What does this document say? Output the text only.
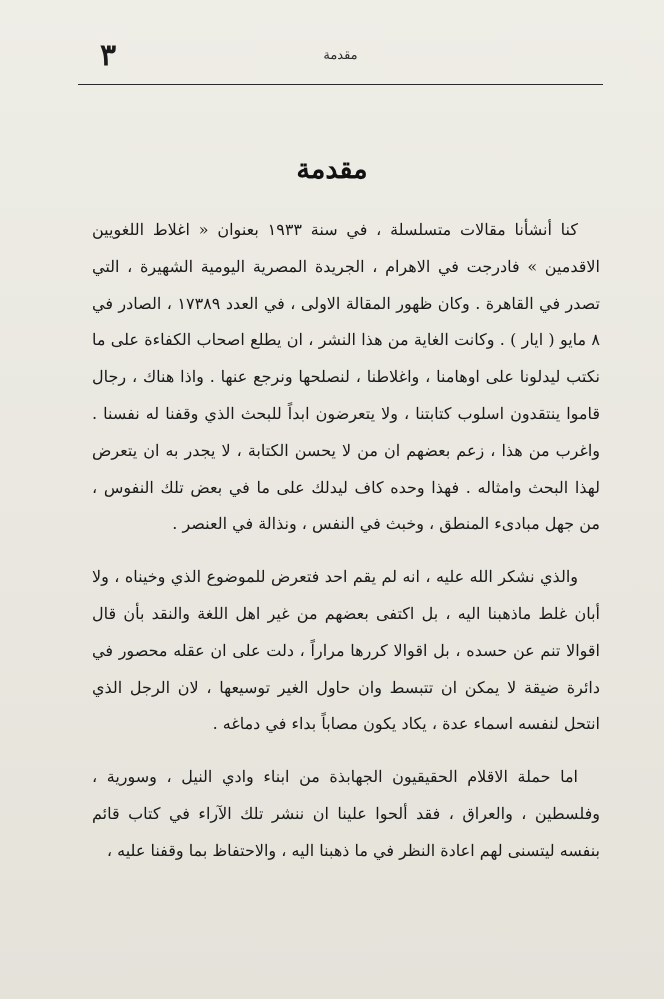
٣	مقدمة
مقدمة

كنا أنشأنا مقالات متسلسلة ، في سنة ١٩٣٣ بعنوان « اغلاط اللغويين الاقدمين » فادرجت في الاهرام ، الجريدة المصرية اليومية الشهيرة ، التي تصدر في القاهرة . وكان ظهور المقالة الاولى ، في العدد ١٧٣٨٩ ، الصادر في ٨ مايو ( ايار ) . وكانت الغاية من هذا النشر ، ان يطلع اصحاب الكفاءة على ما نكتب ليدلونا على اوهامنا ، واغلاطنا ، لنصلحها ونرجع عنها . واذا هناك ، رجال قاموا ينتقدون اسلوب كتابتنا ، ولا يتعرضون ابداً للبحث الذي وقفنا له نفسنا . واغرب من هذا ، زعم بعضهم ان من لا يحسن الكتابة ، لا يجدر به ان يتعرض لهذا البحث وامثاله . فهذا وحده كاف ليدلك على ما في بعض تلك النفوس ، من جهل مبادىء المنطق ، وخبث في النفس ، ونذالة في العنصر .

والذي نشكر الله عليه ، انه لم يقم احد فتعرض للموضوع الذي وخيناه ، ولا أبان غلط ماذهبنا اليه ، بل اكتفى بعضهم من غير اهل اللغة والنقد بأن قال اقوالا تنم عن حسده ، بل اقوالا كررها مراراً ، دلت على ان عقله محصور في دائرة ضيقة لا يمكن ان تتبسط وان حاول الغير توسيعها ، لان الرجل الذي انتحل لنفسه اسماء عدة ، يكاد يكون مصاباً بداء في دماغه .

اما حملة الاقلام الحقيقيون الجهابذة من ابناء وادي النيل ، وسورية ، وفلسطين ، والعراق ، فقد ألحوا علينا ان ننشر تلك الآراء في كتاب قائم بنفسه ليتسنى لهم اعادة النظر في ما ذهبنا اليه ، والاحتفاظ بما وقفنا عليه ،
